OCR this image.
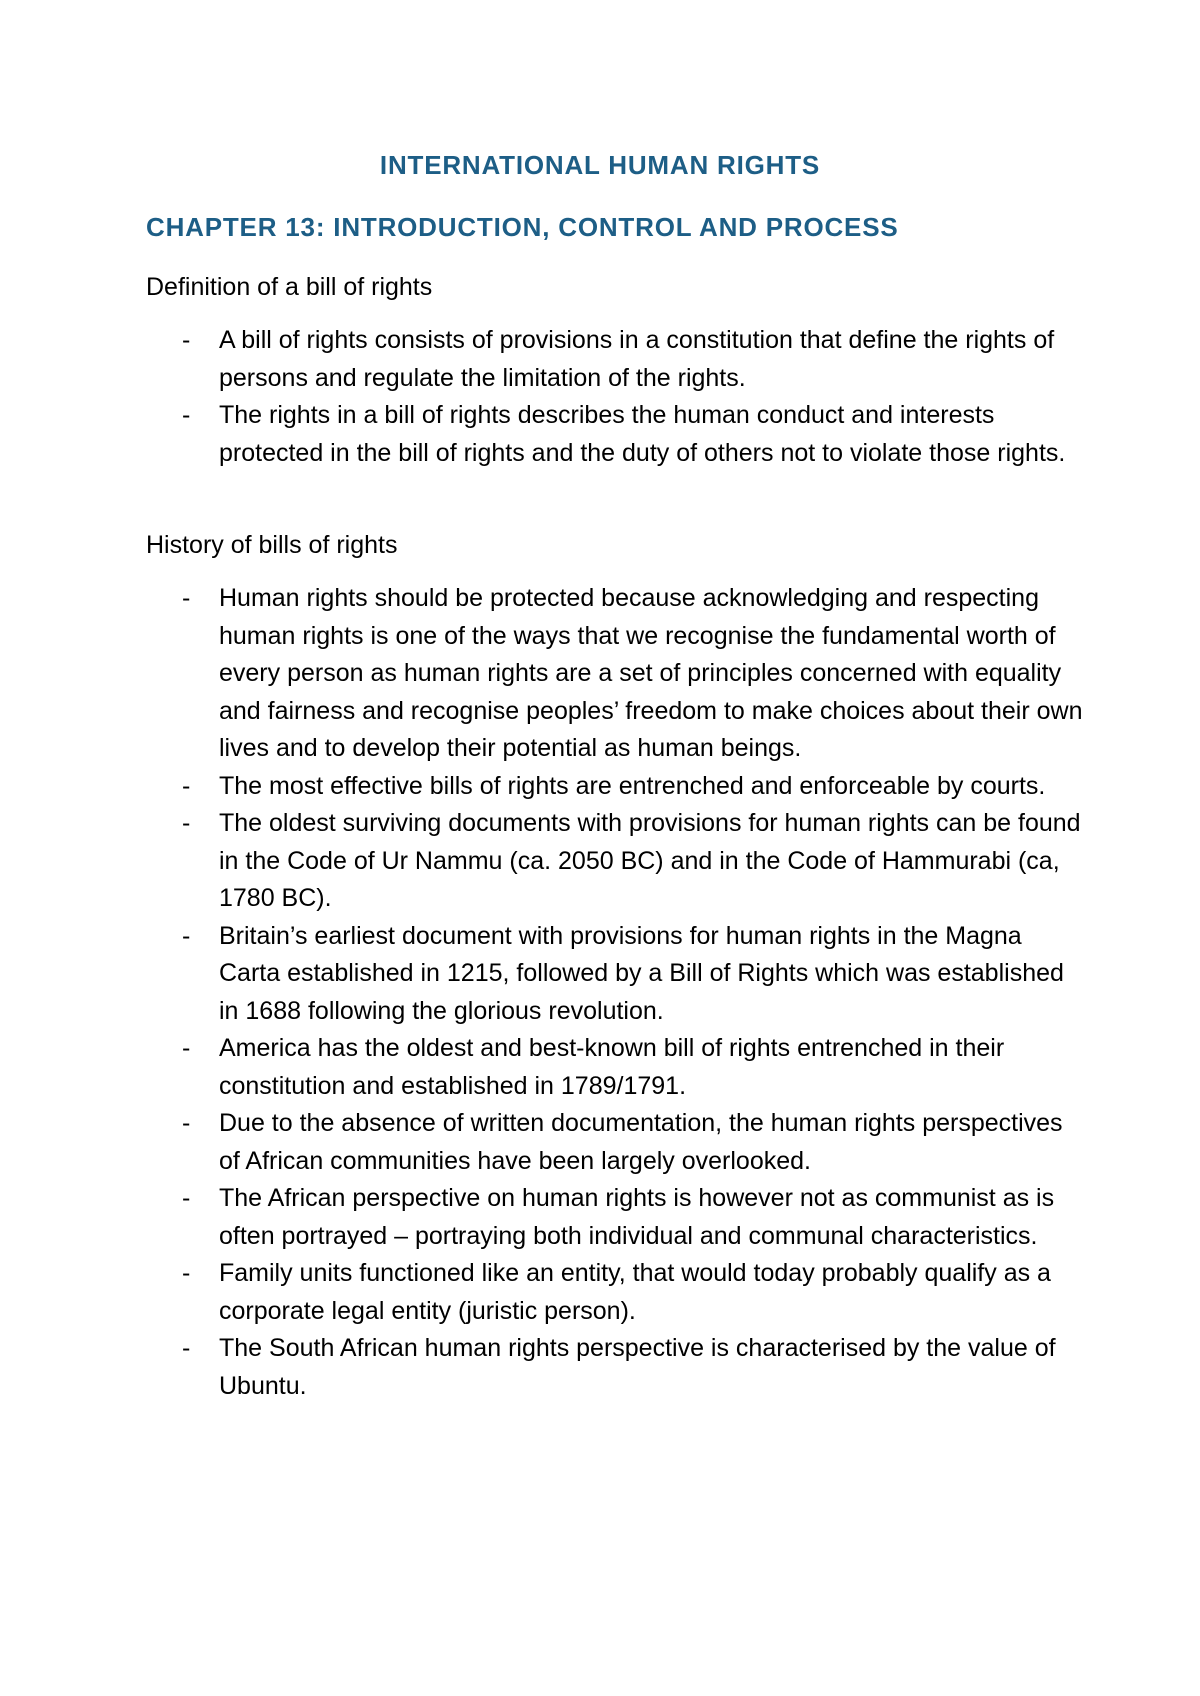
INTERNATIONAL HUMAN RIGHTS
CHAPTER 13: INTRODUCTION, CONTROL AND PROCESS
Definition of a bill of rights
- A bill of rights consists of provisions in a constitution that define the rights of persons and regulate the limitation of the rights.
- The rights in a bill of rights describes the human conduct and interests protected in the bill of rights and the duty of others not to violate those rights.
History of bills of rights
- Human rights should be protected because acknowledging and respecting human rights is one of the ways that we recognise the fundamental worth of every person as human rights are a set of principles concerned with equality and fairness and recognise peoples’ freedom to make choices about their own lives and to develop their potential as human beings.
- The most effective bills of rights are entrenched and enforceable by courts.
- The oldest surviving documents with provisions for human rights can be found in the Code of Ur Nammu (ca. 2050 BC) and in the Code of Hammurabi (ca, 1780 BC).
- Britain’s earliest document with provisions for human rights in the Magna Carta established in 1215, followed by a Bill of Rights which was established in 1688 following the glorious revolution.
- America has the oldest and best-known bill of rights entrenched in their constitution and established in 1789/1791.
- Due to the absence of written documentation, the human rights perspectives of African communities have been largely overlooked.
- The African perspective on human rights is however not as communist as is often portrayed – portraying both individual and communal characteristics.
- Family units functioned like an entity, that would today probably qualify as a corporate legal entity (juristic person).
- The South African human rights perspective is characterised by the value of Ubuntu.
